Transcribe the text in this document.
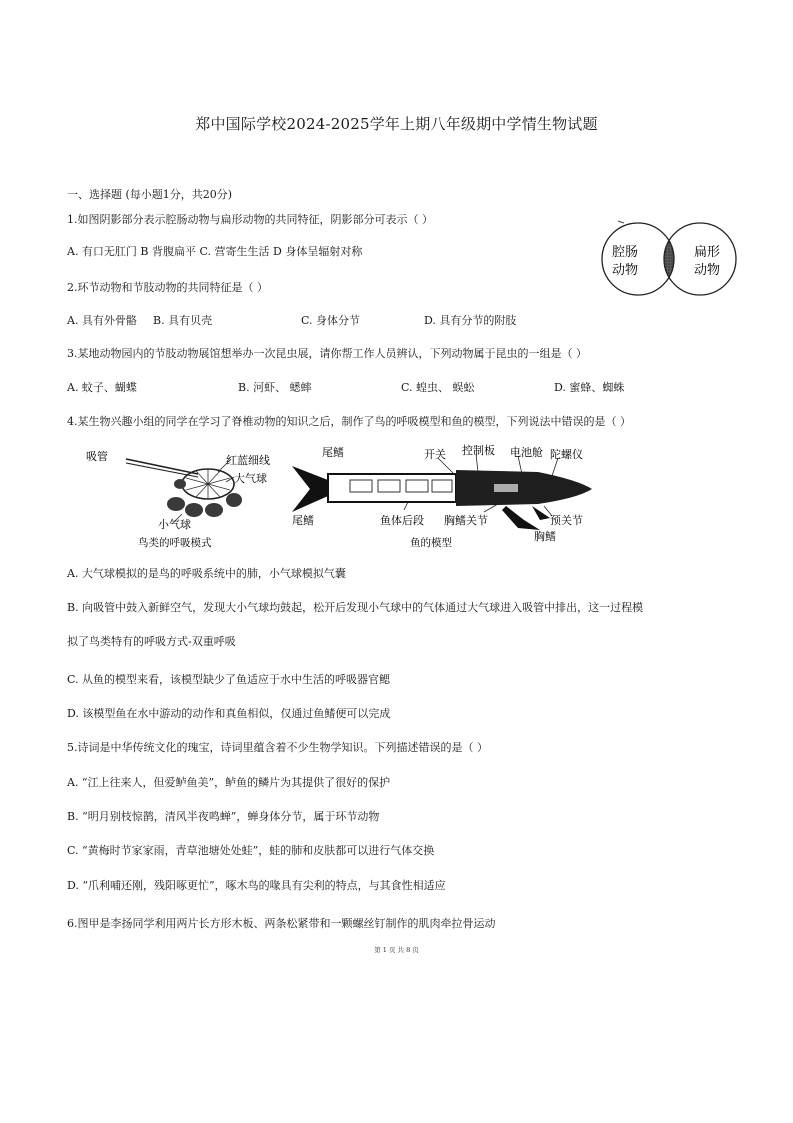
郑中国际学校2024-2025学年上期八年级期中学情生物试题
一、选择题 (每小题1分，共20分)
1.如图阴影部分表示腔肠动物与扁形动物的共同特征，阴影部分可表示（ ）
A. 有口无肛门 B 背腹扁平 C. 营寄生生活 D 身体呈辐射对称	腔肠
动物
扁形
动物
2.环节动物和节肢动物的共同特征是（ ）
A. 具有外骨骼 B. 具有贝壳	C. 身体分节	D. 具有分节的附肢
3.某地动物园内的节肢动物展馆想举办一次昆虫展，请你帮工作人员辨认，下列动物属于昆虫的一组是（ ）
A. 蚊子、蝴蝶	B. 河虾、 蟋蟀	C. 蝗虫、 蜈蚣	D. 蜜蜂、蜘蛛
4.某生物兴趣小组的同学在学习了脊椎动物的知识之后，制作了鸟的呼吸模型和鱼的模型，下列说法中错误的是（ ）
吸管	红蓝细线
大气球
小气球
鸟类的呼吸模式
尾鳍
尾鳍
开关 控制板 电池舱 陀螺仪
鱼体后段 胸鳍关节	预关节
胸鳍
鱼的模型
A. 大气球模拟的是鸟的呼吸系统中的肺，小气球模拟气囊
B. 向吸管中鼓入新鲜空气，发现大小气球均鼓起，松开后发现小气球中的气体通过大气球进入吸管中排出，这一过程模
拟了鸟类特有的呼吸方式-双重呼吸
C. 从鱼的模型来看，该模型缺少了鱼适应于水中生活的呼吸器官鳃
D. 该模型鱼在水中游动的动作和真鱼相似，仅通过鱼鳍便可以完成
5.诗词是中华传统文化的瑰宝，诗词里蕴含着不少生物学知识。下列描述错误的是（ ）
A. “江上往来人，但爱鲈鱼美”，鲈鱼的鳞片为其提供了很好的保护
B. “明月别枝惊鹊，清风半夜鸣蝉”，蝉身体分节，属于环节动物
C. “黄梅时节家家雨，青草池塘处处蛙”，蛙的肺和皮肤都可以进行气体交换
D. “爪利哺还刚，残阳啄更忙”，啄木鸟的喙具有尖利的特点，与其食性相适应
6.图甲是李扬同学利用两片长方形木板、两条松紧带和一颗螺丝钉制作的肌肉牵拉骨运动
第 1 页 共 8 页
